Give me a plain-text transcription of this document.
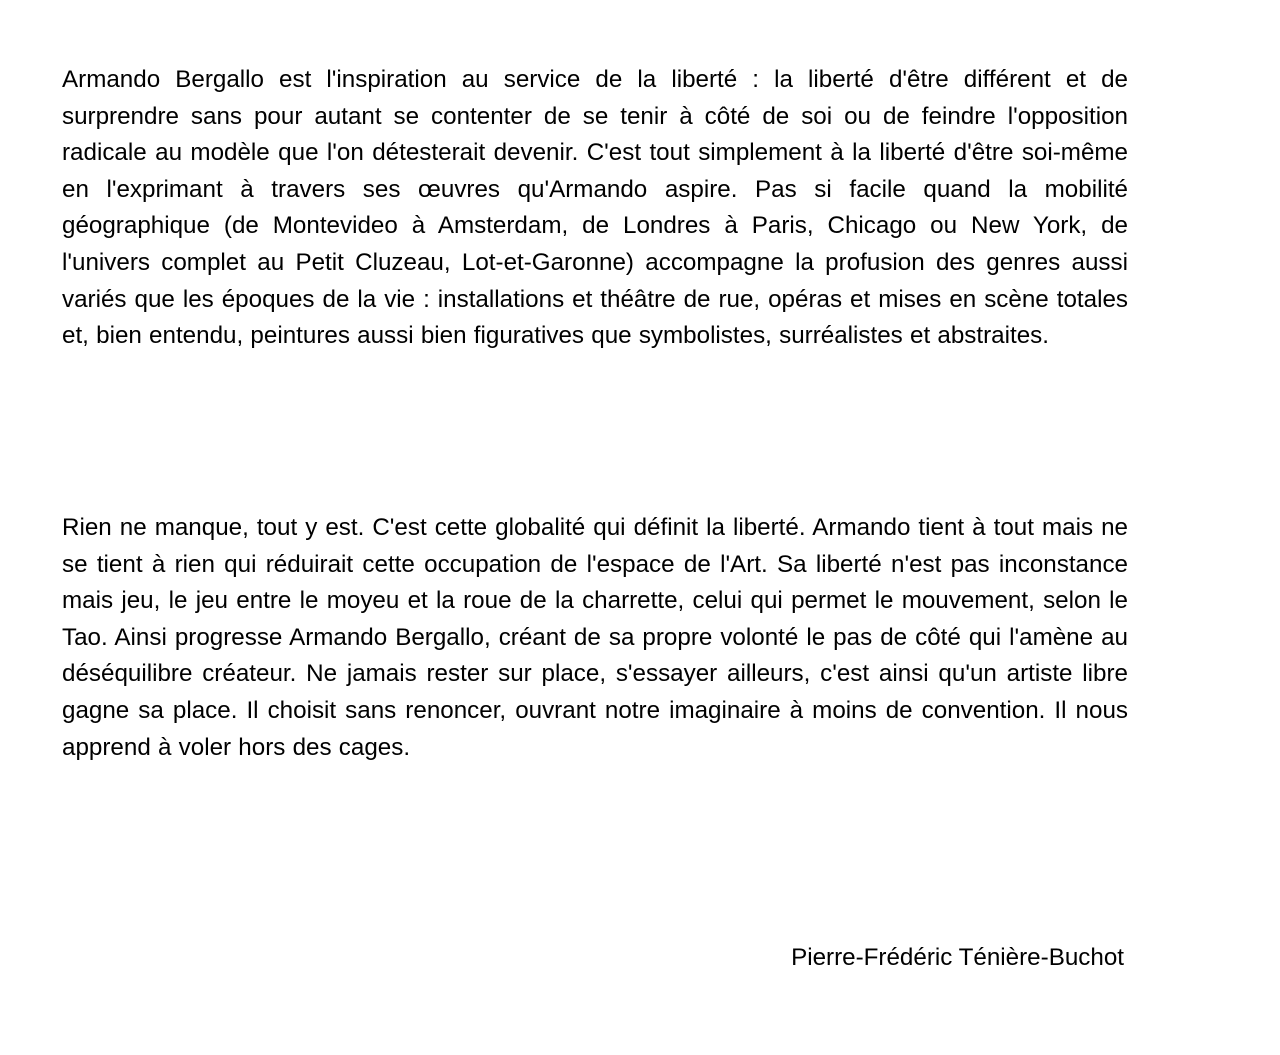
Armando Bergallo est l'inspiration au service de la liberté : la liberté d'être différent et de surprendre sans pour autant se contenter de se tenir à côté de soi ou de feindre l'opposition radicale au modèle que l'on détesterait devenir. C'est tout simplement à la liberté d'être soi-même en l'exprimant à travers ses œuvres qu'Armando aspire. Pas si facile quand la mobilité géographique (de Montevideo à Amsterdam, de Londres à Paris, Chicago ou New York, de l'univers complet au Petit Cluzeau, Lot-et-Garonne) accompagne la profusion des genres aussi variés que les époques de la vie : installations et théâtre de rue, opéras et mises en scène totales et, bien entendu, peintures aussi bien figuratives que symbolistes, surréalistes et abstraites.

Rien ne manque, tout y est. C'est cette globalité qui définit la liberté. Armando tient à tout mais ne se tient à rien qui réduirait cette occupation de l'espace de l'Art. Sa liberté n'est pas inconstance mais jeu, le jeu entre le moyeu et la roue de la charrette, celui qui permet le mouvement, selon le Tao. Ainsi progresse Armando Bergallo, créant de sa propre volonté le pas de côté qui l'amène au déséquilibre créateur. Ne jamais rester sur place, s'essayer ailleurs, c'est ainsi qu'un artiste libre gagne sa place. Il choisit sans renoncer, ouvrant notre imaginaire à moins de convention. Il nous apprend à voler hors des cages.

Pierre-Frédéric Ténière-Buchot
